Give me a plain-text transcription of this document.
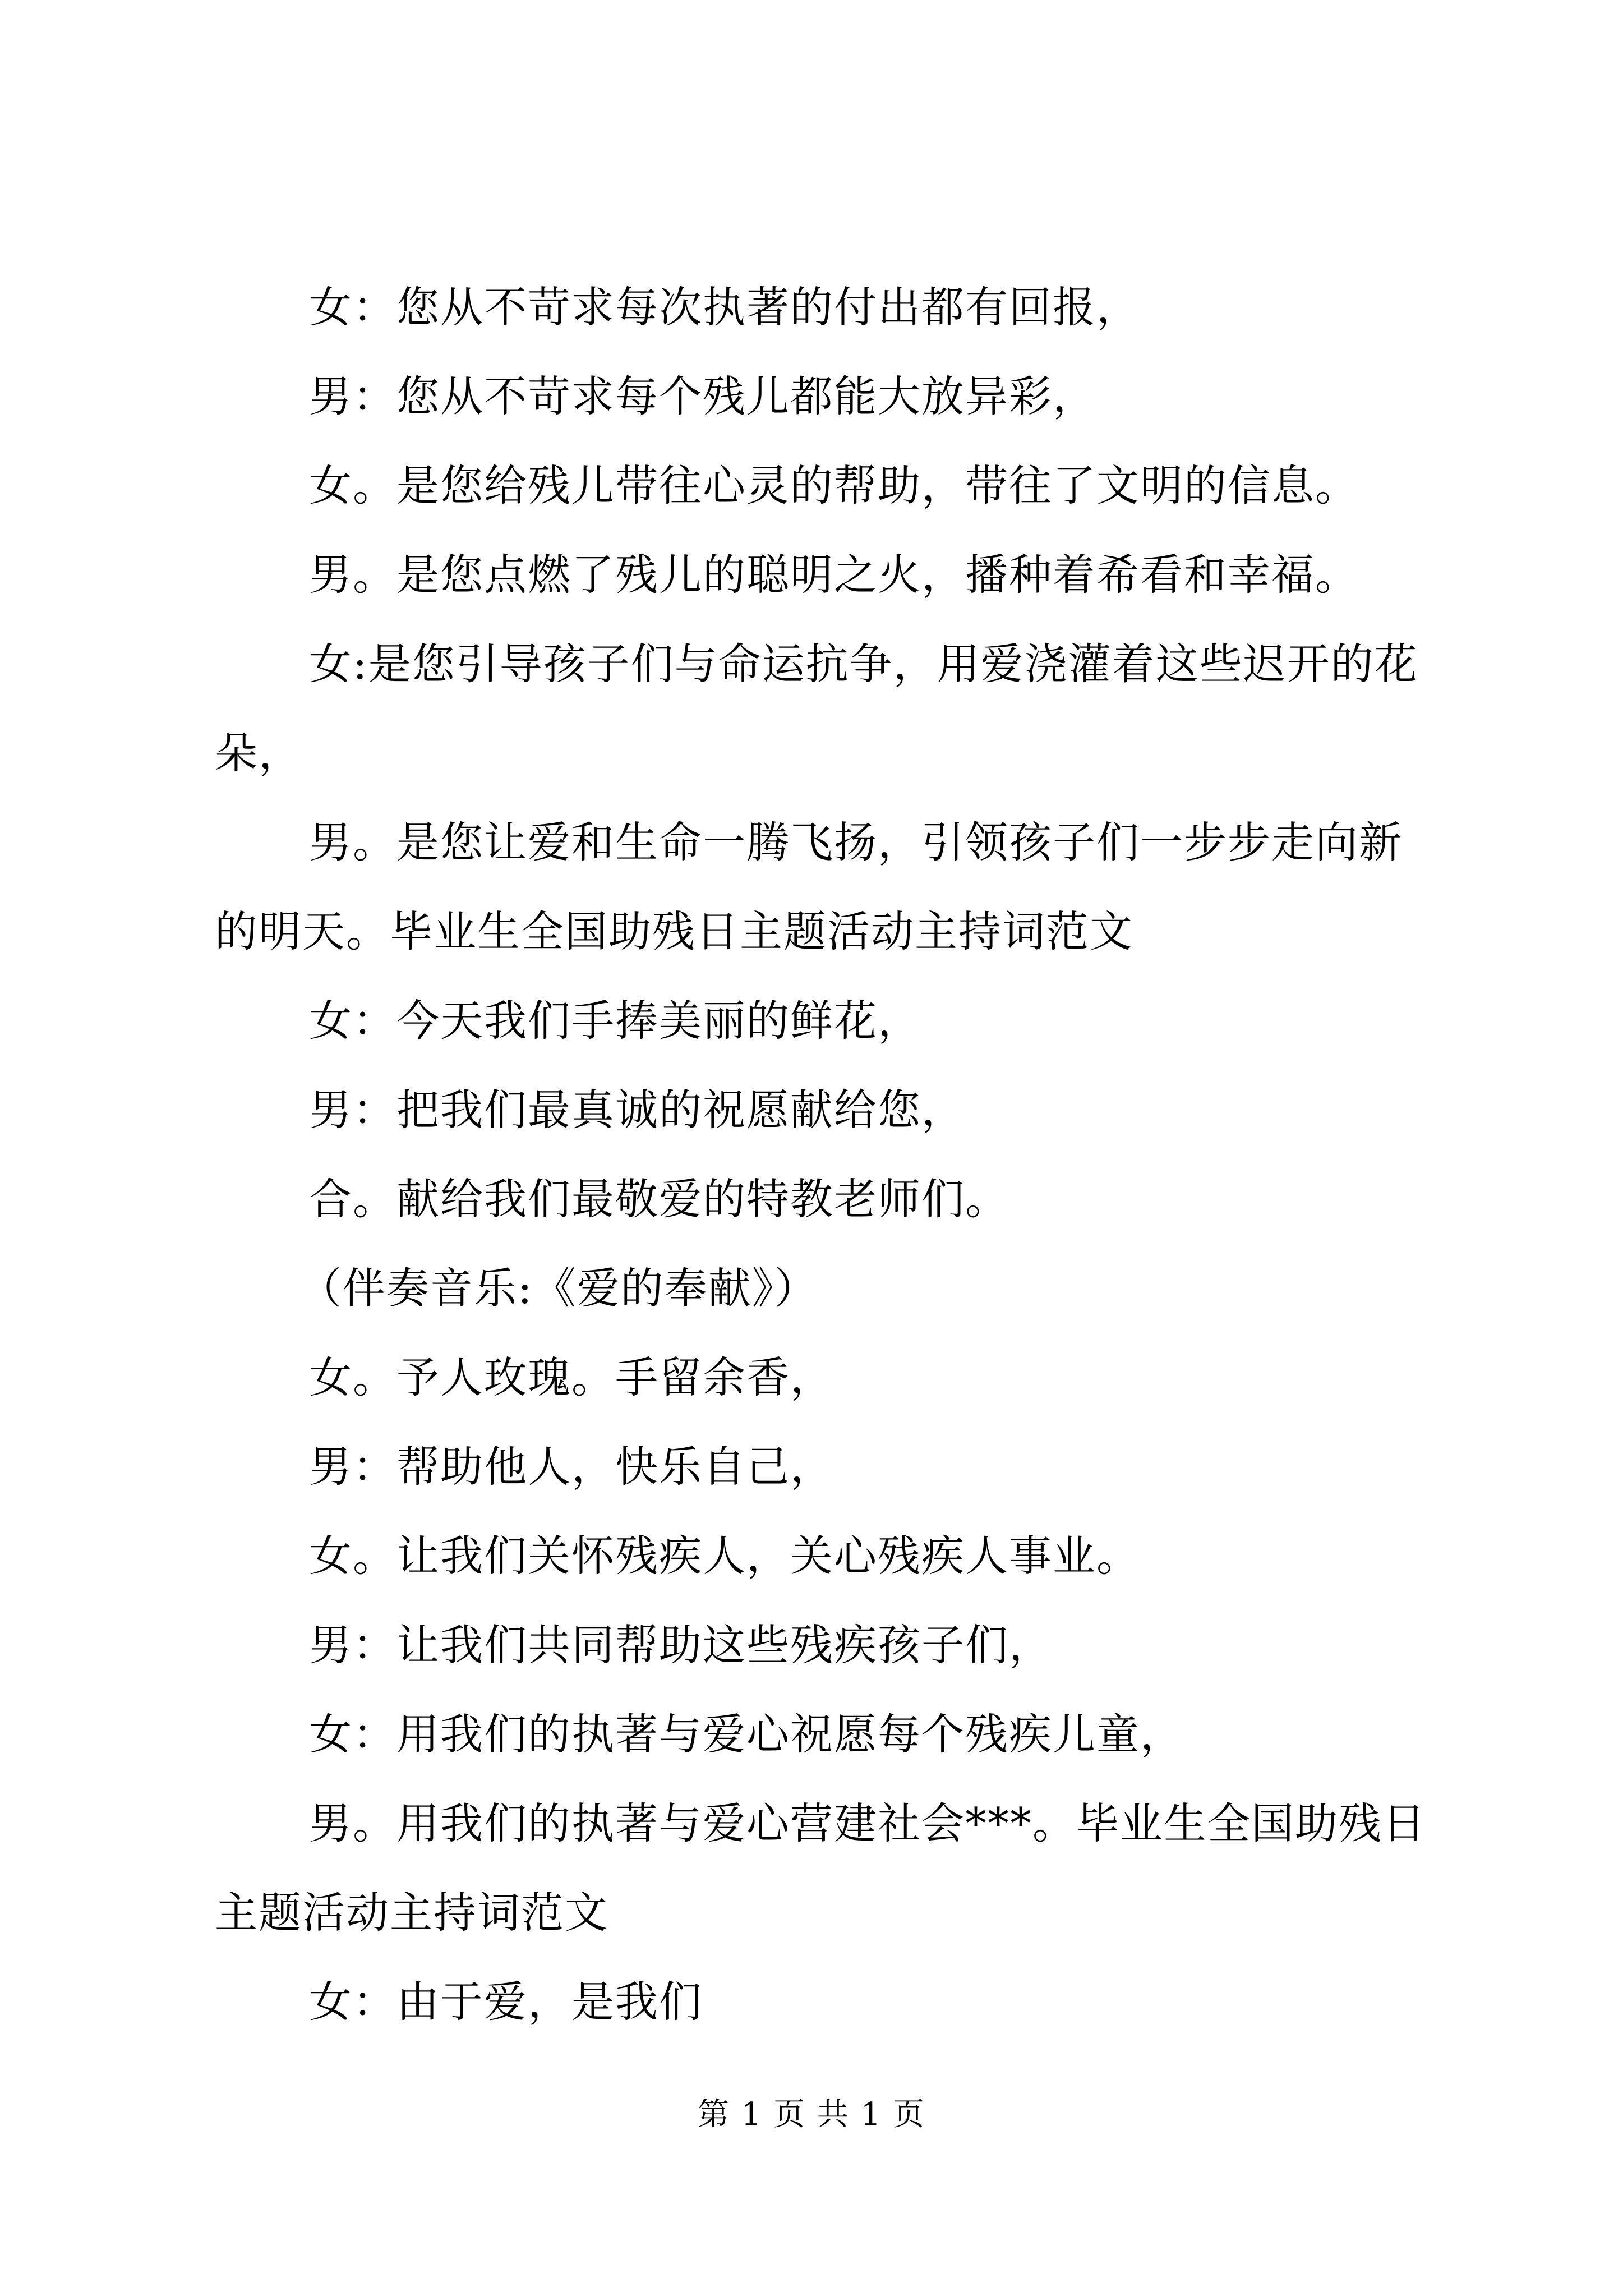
女：您从不苛求每次执著的付出都有回报，

男：您从不苛求每个残儿都能大放异彩，

女。是您给残儿带往心灵的帮助，带往了文明的信息。

男。是您点燃了残儿的聪明之火，播种着希看和幸福。

女:是您引导孩子们与命运抗争，用爱浇灌着这些迟开的花朵，

男。是您让爱和生命一腾飞扬，引领孩子们一步步走向新的明天。毕业生全国助残日主题活动主持词范文

女：今天我们手捧美丽的鲜花，

男：把我们最真诚的祝愿献给您，

合。献给我们最敬爱的特教老师们。

（伴奏音乐:《爱的奉献》）

女。予人玫瑰。手留余香，

男：帮助他人，快乐自己，

女。让我们关怀残疾人，关心残疾人事业。

男：让我们共同帮助这些残疾孩子们，

女：用我们的执著与爱心祝愿每个残疾儿童，

男。用我们的执著与爱心营建社会***。毕业生全国助残日主题活动主持词范文

女：由于爱，是我们

第 1 页 共 1 页
